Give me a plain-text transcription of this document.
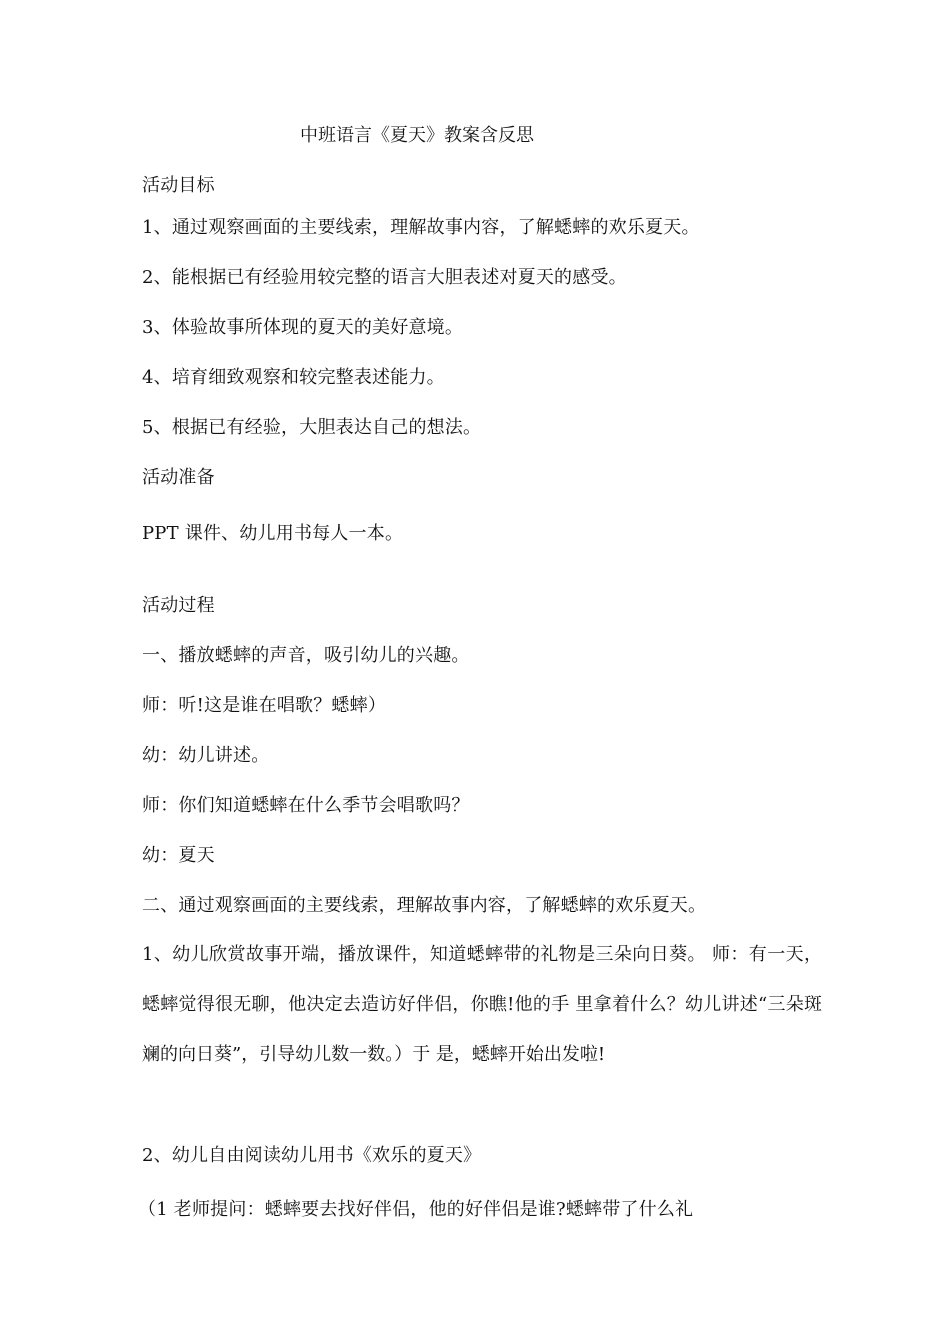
中班语言《夏天》教案含反思
活动目标
1、通过观察画面的主要线索，理解故事内容，了解蟋蟀的欢乐夏天。
2、能根据已有经验用较完整的语言大胆表述对夏天的感受。
3、体验故事所体现的夏天的美好意境。
4、培育细致观察和较完整表述能力。
5、根据已有经验，大胆表达自己的想法。
活动准备
PPT 课件、幼儿用书每人一本。
活动过程
一、播放蟋蟀的声音，吸引幼儿的兴趣。
师：听!这是谁在唱歌？蟋蟀）
幼：幼儿讲述。
师：你们知道蟋蟀在什么季节会唱歌吗？
幼：夏天
二、通过观察画面的主要线索，理解故事内容，了解蟋蟀的欢乐夏天。
1、幼儿欣赏故事开端，播放课件，知道蟋蟀带的礼物是三朵向日葵。 师：有一天，蟋蟀觉得很无聊，他决定去造访好伴侣，你瞧!他的手 里拿着什么？幼儿讲述“三朵斑斓的向日葵”，引导幼儿数一数。）于 是，蟋蟀开始出发啦!
2、幼儿自由阅读幼儿用书《欢乐的夏天》
（1 老师提问：蟋蟀要去找好伴侣，他的好伴侣是谁?蟋蟀带了什么礼
